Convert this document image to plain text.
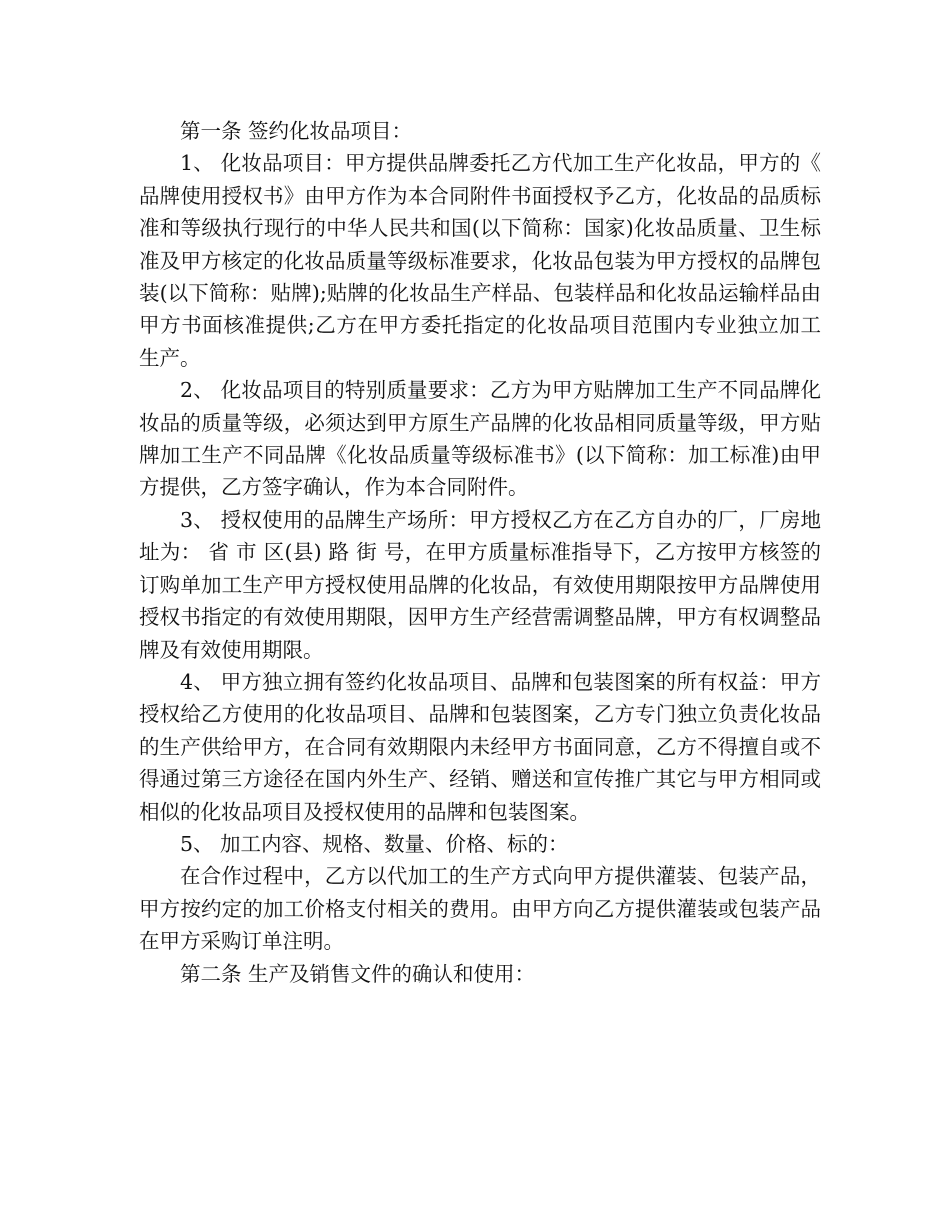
第一条 签约化妆品项目：

1、 化妆品项目：甲方提供品牌委托乙方代加工生产化妆品，甲方的《品牌使用授权书》由甲方作为本合同附件书面授权予乙方，化妆品的品质标准和等级执行现行的中华人民共和国(以下简称：国家)化妆品质量、卫生标准及甲方核定的化妆品质量等级标准要求，化妆品包装为甲方授权的品牌包装(以下简称：贴牌);贴牌的化妆品生产样品、包装样品和化妆品运输样品由甲方书面核准提供;乙方在甲方委托指定的化妆品项目范围内专业独立加工生产。

2、 化妆品项目的特别质量要求：乙方为甲方贴牌加工生产不同品牌化妆品的质量等级，必须达到甲方原生产品牌的化妆品相同质量等级，甲方贴牌加工生产不同品牌《化妆品质量等级标准书》(以下简称：加工标准)由甲方提供，乙方签字确认，作为本合同附件。

3、 授权使用的品牌生产场所：甲方授权乙方在乙方自办的厂，厂房地址为： 省 市 区(县) 路 街 号，在甲方质量标准指导下，乙方按甲方核签的订购单加工生产甲方授权使用品牌的化妆品，有效使用期限按甲方品牌使用授权书指定的有效使用期限，因甲方生产经营需调整品牌，甲方有权调整品牌及有效使用期限。

4、 甲方独立拥有签约化妆品项目、品牌和包装图案的所有权益：甲方授权给乙方使用的化妆品项目、品牌和包装图案，乙方专门独立负责化妆品的生产供给甲方，在合同有效期限内未经甲方书面同意，乙方不得擅自或不得通过第三方途径在国内外生产、经销、赠送和宣传推广其它与甲方相同或相似的化妆品项目及授权使用的品牌和包装图案。

5、 加工内容、规格、数量、价格、标的：

在合作过程中，乙方以代加工的生产方式向甲方提供灌装、包装产品，甲方按约定的加工价格支付相关的费用。由甲方向乙方提供灌装或包装产品在甲方采购订单注明。

第二条 生产及销售文件的确认和使用：
